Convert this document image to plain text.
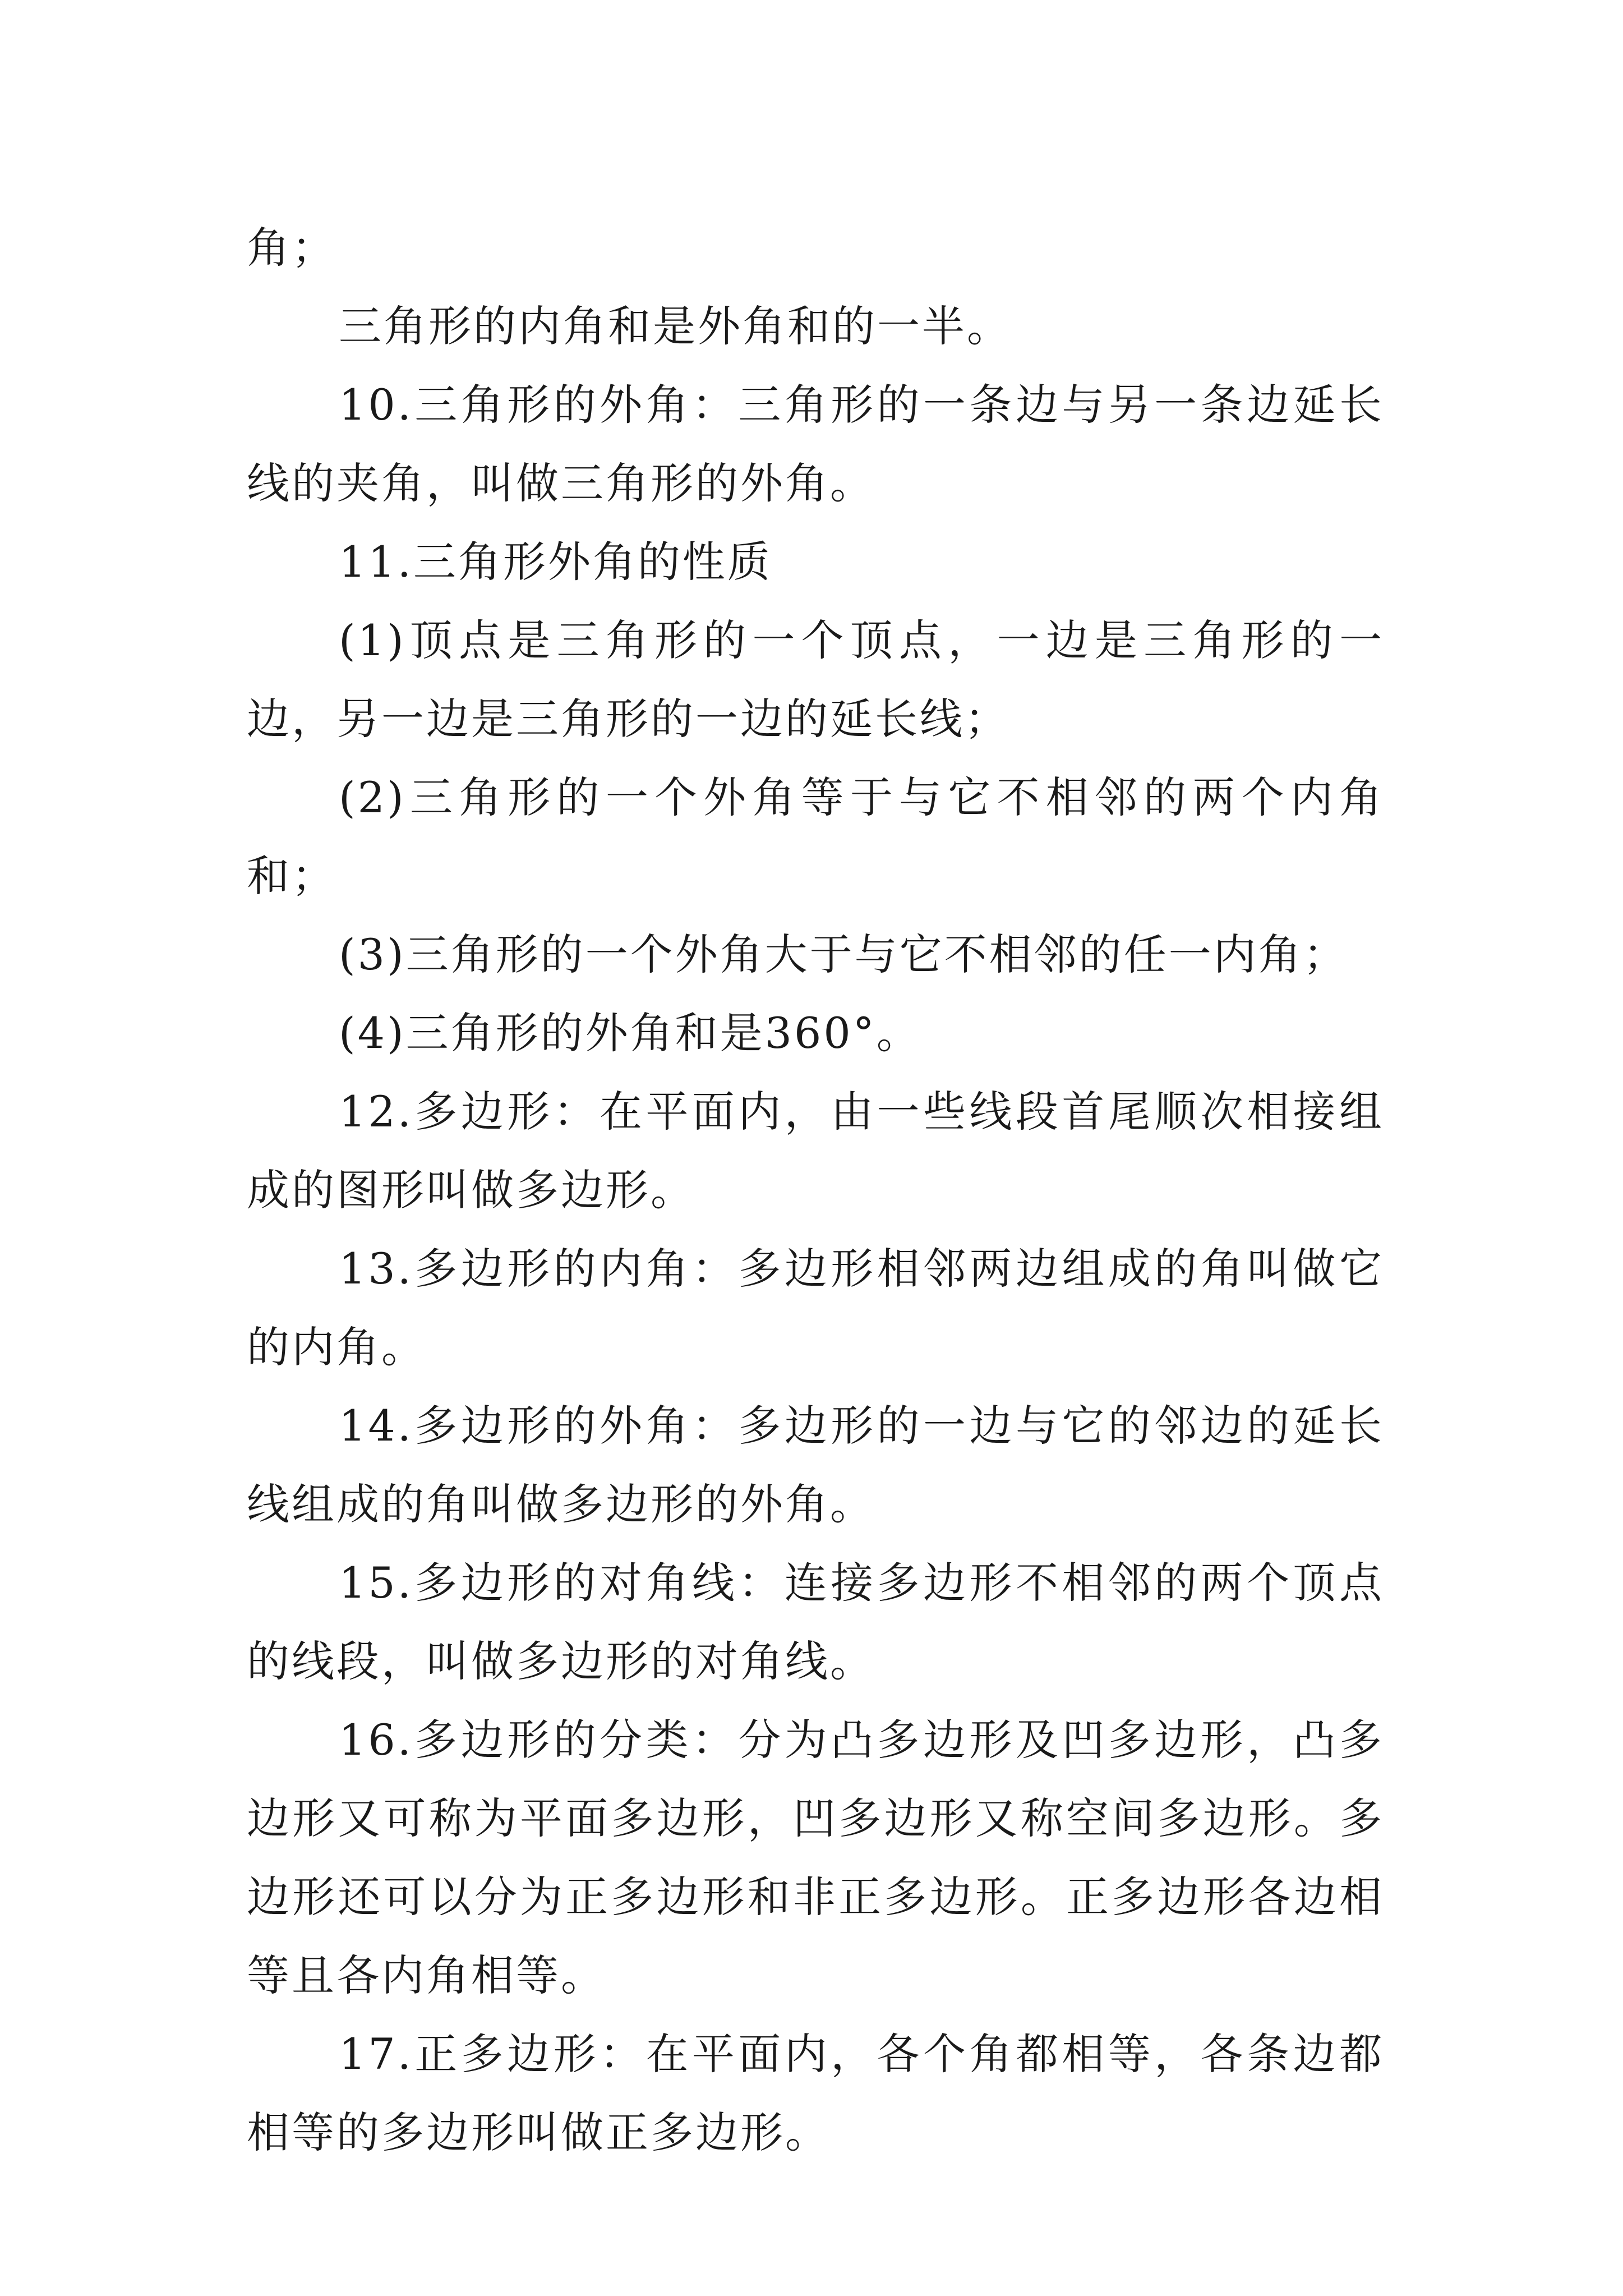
角；

三角形的内角和是外角和的一半。

10.三角形的外角：三角形的一条边与另一条边延长线的夹角，叫做三角形的外角。

11.三角形外角的性质

(1)顶点是三角形的一个顶点，一边是三角形的一边，另一边是三角形的一边的延长线；

(2)三角形的一个外角等于与它不相邻的两个内角和；

(3)三角形的一个外角大于与它不相邻的任一内角；

(4)三角形的外角和是360°。

12.多边形：在平面内，由一些线段首尾顺次相接组成的图形叫做多边形。

13.多边形的内角：多边形相邻两边组成的角叫做它的内角。

14.多边形的外角：多边形的一边与它的邻边的延长线组成的角叫做多边形的外角。

15.多边形的对角线：连接多边形不相邻的两个顶点的线段，叫做多边形的对角线。

16.多边形的分类：分为凸多边形及凹多边形，凸多边形又可称为平面多边形，凹多边形又称空间多边形。多边形还可以分为正多边形和非正多边形。正多边形各边相等且各内角相等。

17.正多边形：在平面内，各个角都相等，各条边都相等的多边形叫做正多边形。
